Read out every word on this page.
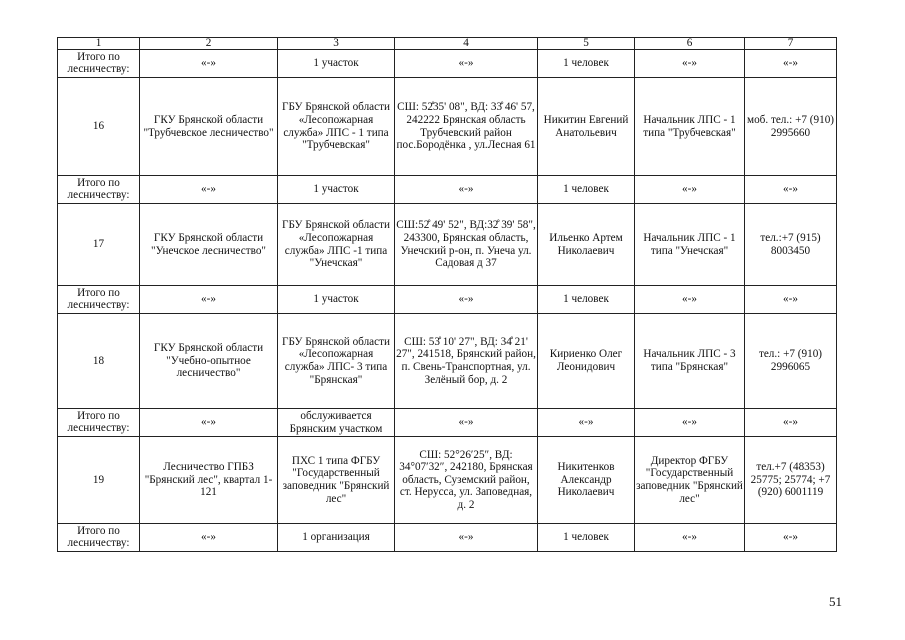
1	2	3	4	5	6	7
Итого по лесничеству:	«-»	1 участок	«-»	1 человек	«-»	«-»
16	ГКУ Брянской области "Трубчевское лесничество"	ГБУ Брянской области «Лесопожарная служба» ЛПС - 1 типа "Трубчевская"	СШ: 52̊35' 08", ВД: 33̊ 46' 57, 242222 Брянская область Трубчевский район пос.Бородёнка , ул.Лесная 61	Никитин Евгений Анатольевич	Начальник ЛПС - 1 типа "Трубчевская"	моб. тел.: +7 (910) 2995660
Итого по лесничеству:	«-»	1 участок	«-»	1 человек	«-»	«-»
17	ГКУ Брянской области "Унечское лесничество"	ГБУ Брянской области «Лесопожарная служба» ЛПС -1 типа "Унечская"	СШ:52̊ 49' 52", ВД:32̊ 39' 58", 243300, Брянская область, Унечский р-он, п. Унеча ул. Садовая д 37	Ильенко Артем Николаевич	Начальник ЛПС - 1 типа "Унечская"	тел.:+7 (915) 8003450
Итого по лесничеству:	«-»	1 участок	«-»	1 человек	«-»	«-»
18	ГКУ Брянской области "Учебно-опытное лесничество"	ГБУ Брянской области «Лесопожарная служба» ЛПС- 3 типа "Брянская"	СШ: 53̊ 10' 27", ВД: 34̊ 21' 27", 241518, Брянский район, п. Свень-Транспортная, ул. Зелёный бор, д. 2	Кириенко Олег Леонидович	Начальник ЛПС - 3 типа "Брянская"	тел.: +7 (910) 2996065
Итого по лесничеству:	«-»	обслуживается Брянским участком	«-»	«-»	«-»	«-»
19	Лесничество ГПБЗ "Брянский лес", квартал 1-121	ПХС 1 типа ФГБУ "Государственный заповедник "Брянский лес"	СШ: 52°26′25″, ВД: 34°07′32″, 242180, Брянская область, Суземский район, ст. Нерусса, ул. Заповедная, д. 2	Никитенков Александр Николаевич	Директор ФГБУ "Государственный заповедник "Брянский лес"	тел.+7 (48353) 25775; 25774; +7 (920) 6001119
Итого по лесничеству:	«-»	1 организация	«-»	1 человек	«-»	«-»
51
